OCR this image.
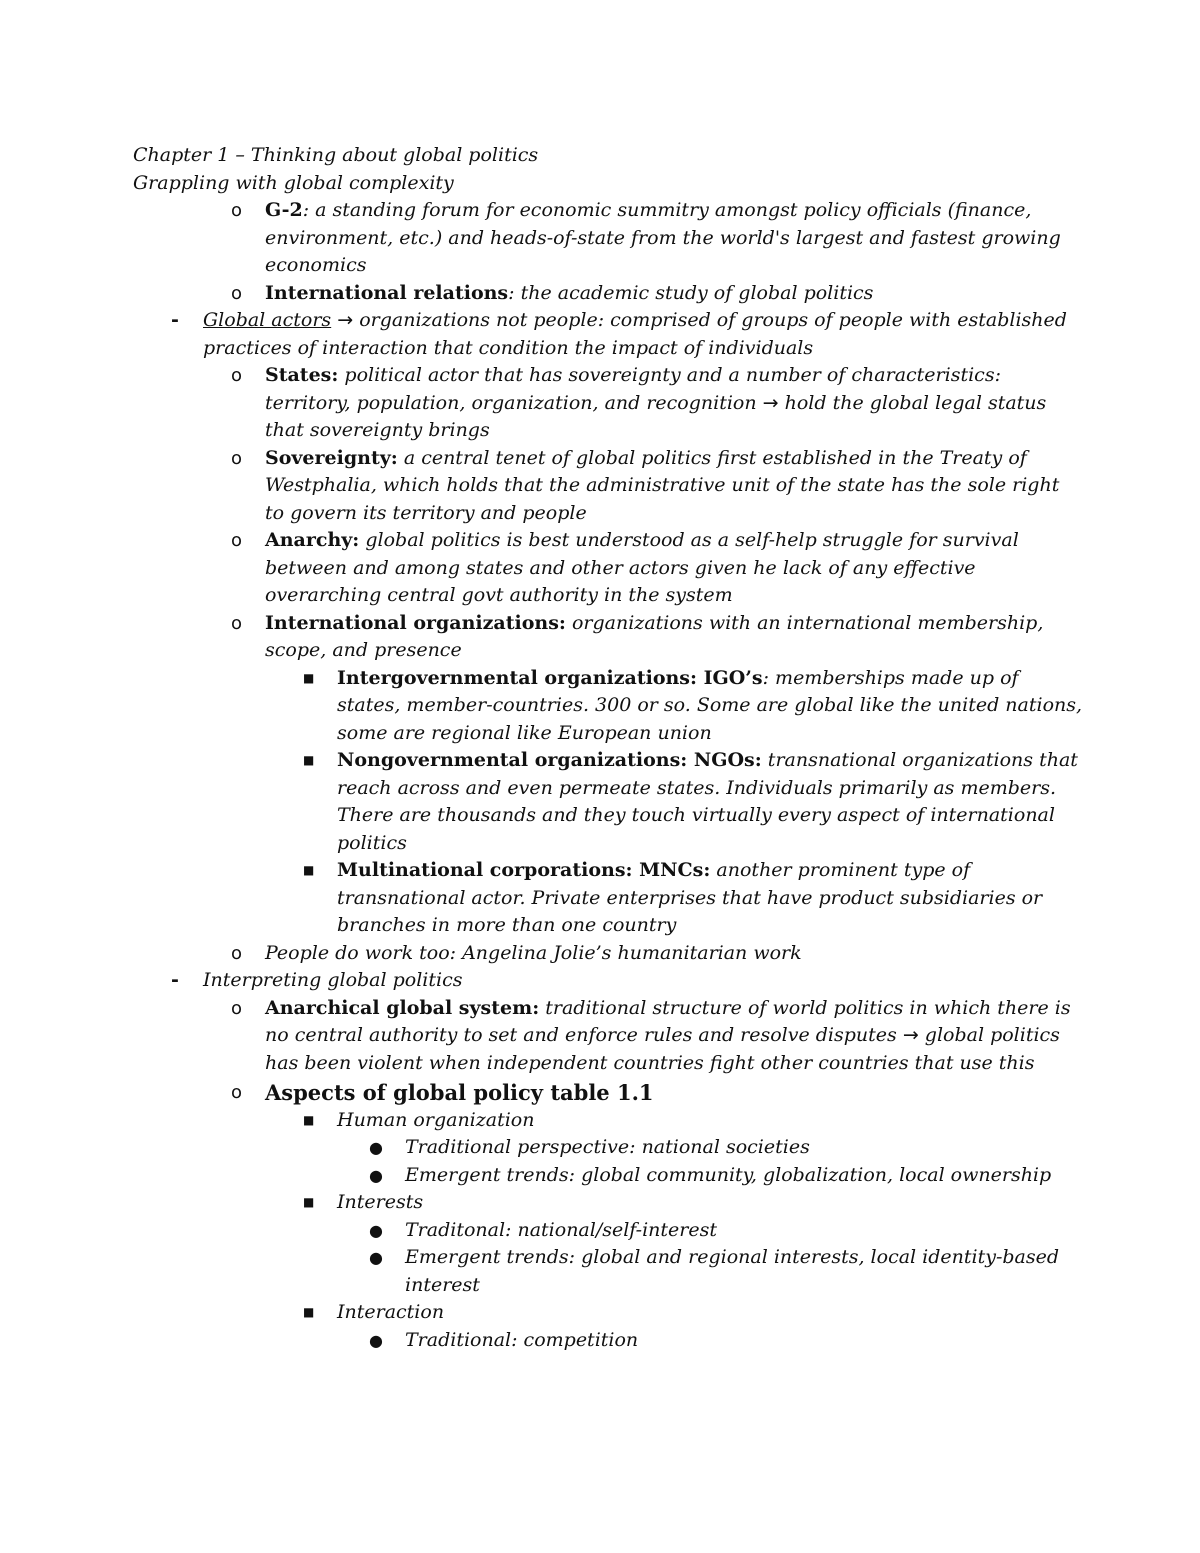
Chapter 1 – Thinking about global politics
Grappling with global complexity
o G-2: a standing forum for economic summitry amongst policy officials (finance, environment, etc.) and heads-of-state from the world's largest and fastest growing economics
o International relations: the academic study of global politics
- Global actors → organizations not people: comprised of groups of people with established practices of interaction that condition the impact of individuals
o States: political actor that has sovereignty and a number of characteristics: territory, population, organization, and recognition → hold the global legal status that sovereignty brings
o Sovereignty: a central tenet of global politics first established in the Treaty of Westphalia, which holds that the administrative unit of the state has the sole right to govern its territory and people
o Anarchy: global politics is best understood as a self-help struggle for survival between and among states and other actors given he lack of any effective overarching central govt authority in the system
o International organizations: organizations with an international membership, scope, and presence
■ Intergovernmental organizations: IGO’s: memberships made up of states, member-countries. 300 or so. Some are global like the united nations, some are regional like European union
■ Nongovernmental organizations: NGOs: transnational organizations that reach across and even permeate states. Individuals primarily as members. There are thousands and they touch virtually every aspect of international politics
■ Multinational corporations: MNCs: another prominent type of transnational actor. Private enterprises that have product subsidiaries or branches in more than one country
o People do work too: Angelina Jolie’s humanitarian work
- Interpreting global politics
o Anarchical global system: traditional structure of world politics in which there is no central authority to set and enforce rules and resolve disputes → global politics has been violent when independent countries fight other countries that use this
o Aspects of global policy table 1.1
■ Human organization
● Traditional perspective: national societies
● Emergent trends: global community, globalization, local ownership
■ Interests
● Traditonal: national/self-interest
● Emergent trends: global and regional interests, local identity-based interest
■ Interaction
● Traditional: competition
